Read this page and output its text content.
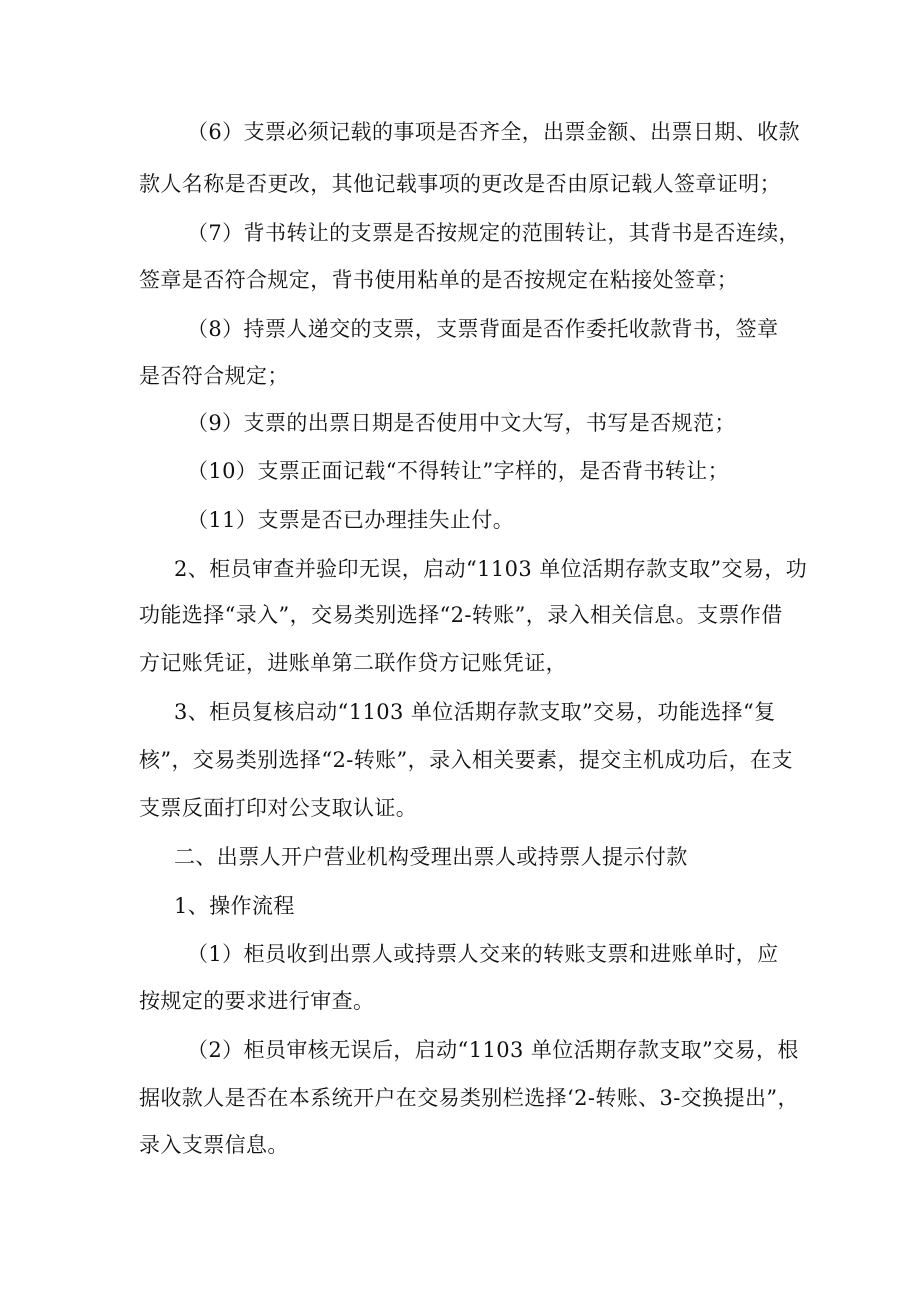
（6）支票必须记载的事项是否齐全，出票金额、出票日期、收款
款人名称是否更改，其他记载事项的更改是否由原记载人签章证明；
（7）背书转让的支票是否按规定的范围转让，其背书是否连续，
签章是否符合规定，背书使用粘单的是否按规定在粘接处签章；
（8）持票人递交的支票，支票背面是否作委托收款背书，签章
是否符合规定；
（9）支票的出票日期是否使用中文大写，书写是否规范；
（10）支票正面记载“不得转让”字样的，是否背书转让；
（11）支票是否已办理挂失止付。
2、柜员审查并验印无误，启动“1103 单位活期存款支取”交易，功
功能选择“录入”，交易类别选择“2-转账”，录入相关信息。支票作借
方记账凭证，进账单第二联作贷方记账凭证，
3、柜员复核启动“1103 单位活期存款支取”交易，功能选择“复
核”，交易类别选择“2-转账”，录入相关要素，提交主机成功后，在支
支票反面打印对公支取认证。
二、出票人开户营业机构受理出票人或持票人提示付款
1、操作流程
（1）柜员收到出票人或持票人交来的转账支票和进账单时，应
按规定的要求进行审查。
（2）柜员审核无误后，启动“1103 单位活期存款支取”交易，根
据收款人是否在本系统开户在交易类别栏选择‘2-转账、3-交换提出”，
录入支票信息。
